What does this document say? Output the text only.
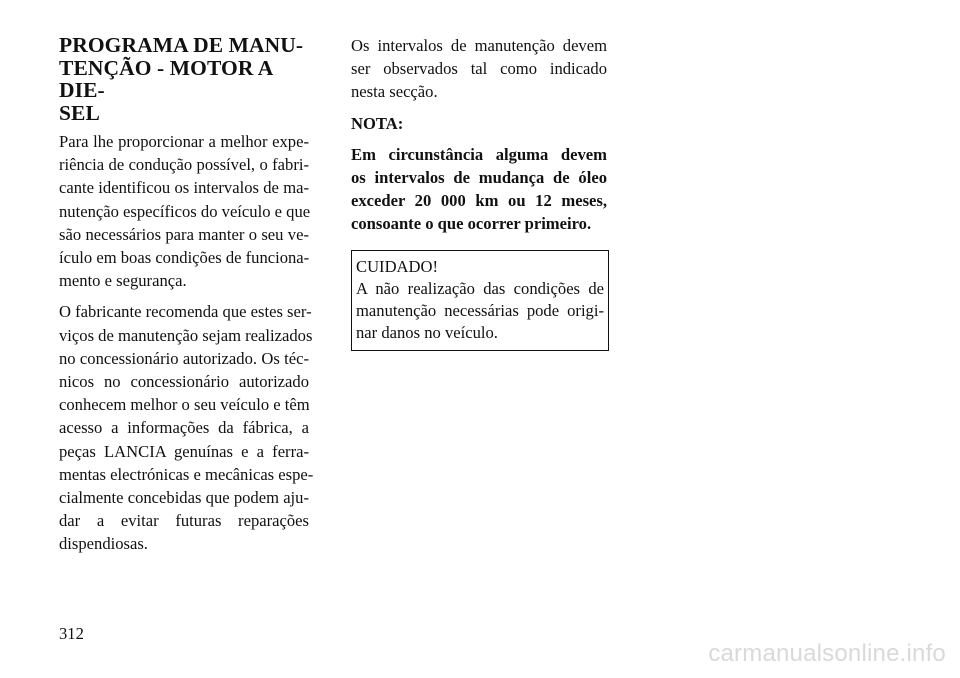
PROGRAMA DE MANU-
TENÇÃO - MOTOR A DIE-
SEL

Para lhe proporcionar a melhor expe-
riência de condução possível, o fabri-
cante identificou os intervalos de ma-
nutenção específicos do veículo e que
são necessários para manter o seu ve-
ículo em boas condições de funciona-
mento e segurança.

O fabricante recomenda que estes ser-
viços de manutenção sejam realizados
no concessionário autorizado. Os téc-
nicos no concessionário autorizado
conhecem melhor o seu veículo e têm
acesso a informações da fábrica, a
peças LANCIA genuínas e a ferra-
mentas electrónicas e mecânicas espe-
cialmente concebidas que podem aju-
dar a evitar futuras reparações
dispendiosas.

Os intervalos de manutenção devem
ser observados tal como indicado
nesta secção.

NOTA:

Em circunstância alguma devem
os intervalos de mudança de óleo
exceder 20 000 km ou 12 meses,
consoante o que ocorrer primeiro.

CUIDADO!

A não realização das condições de
manutenção necessárias pode origi-
nar danos no veículo.

312
carmanualsonline.info
